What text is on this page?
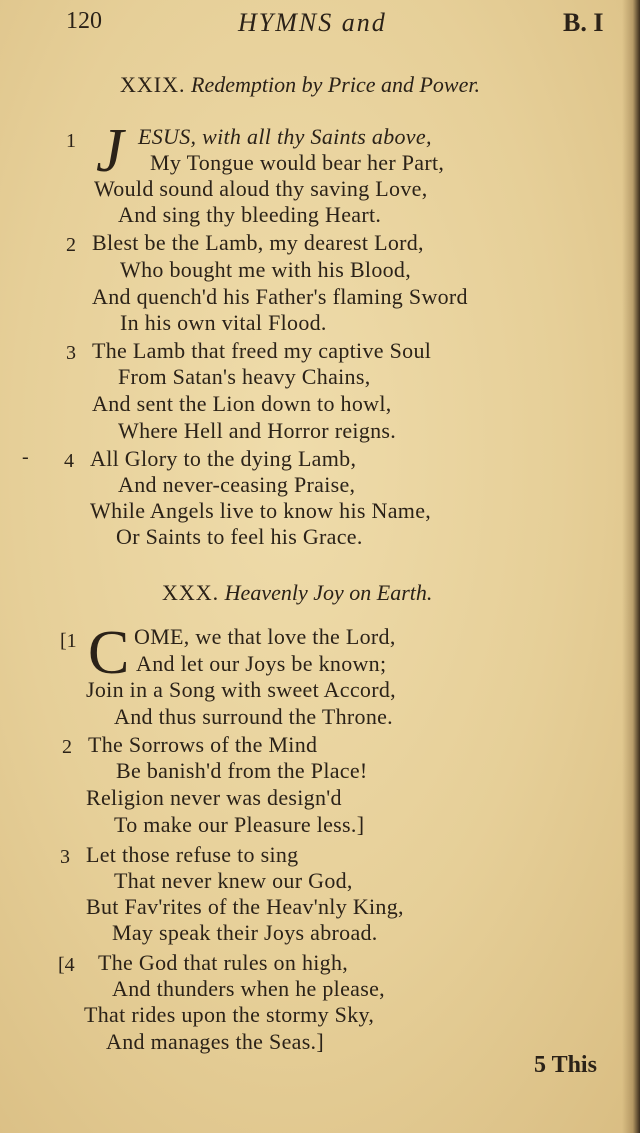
120	HYMNS and	B. I
XXIX. Redemption by Price and Power.
1 J ESUS, with all thy Saints above,
My Tongue would bear her Part,
Would sound aloud thy saving Love,
And sing thy bleeding Heart.
2 Blest be the Lamb, my dearest Lord,
Who bought me with his Blood,
And quench'd his Father's flaming Sword
In his own vital Flood.
3 The Lamb that freed my captive Soul
From Satan's heavy Chains,
And sent the Lion down to howl,
Where Hell and Horror reigns.
- 4 All Glory to the dying Lamb,
And never-ceasing Praise,
While Angels live to know his Name,
Or Saints to feel his Grace.
XXX. Heavenly Joy on Earth.
[1 C OME, we that love the Lord,
And let our Joys be known;
Join in a Song with sweet Accord,
And thus surround the Throne.
2 The Sorrows of the Mind
Be banish'd from the Place!
Religion never was design'd
To make our Pleasure less.]
3 Let those refuse to sing
That never knew our God,
But Fav'rites of the Heav'nly King,
May speak their Joys abroad.
[4 The God that rules on high,
And thunders when he please,
That rides upon the stormy Sky,
And manages the Seas.]
5 This
